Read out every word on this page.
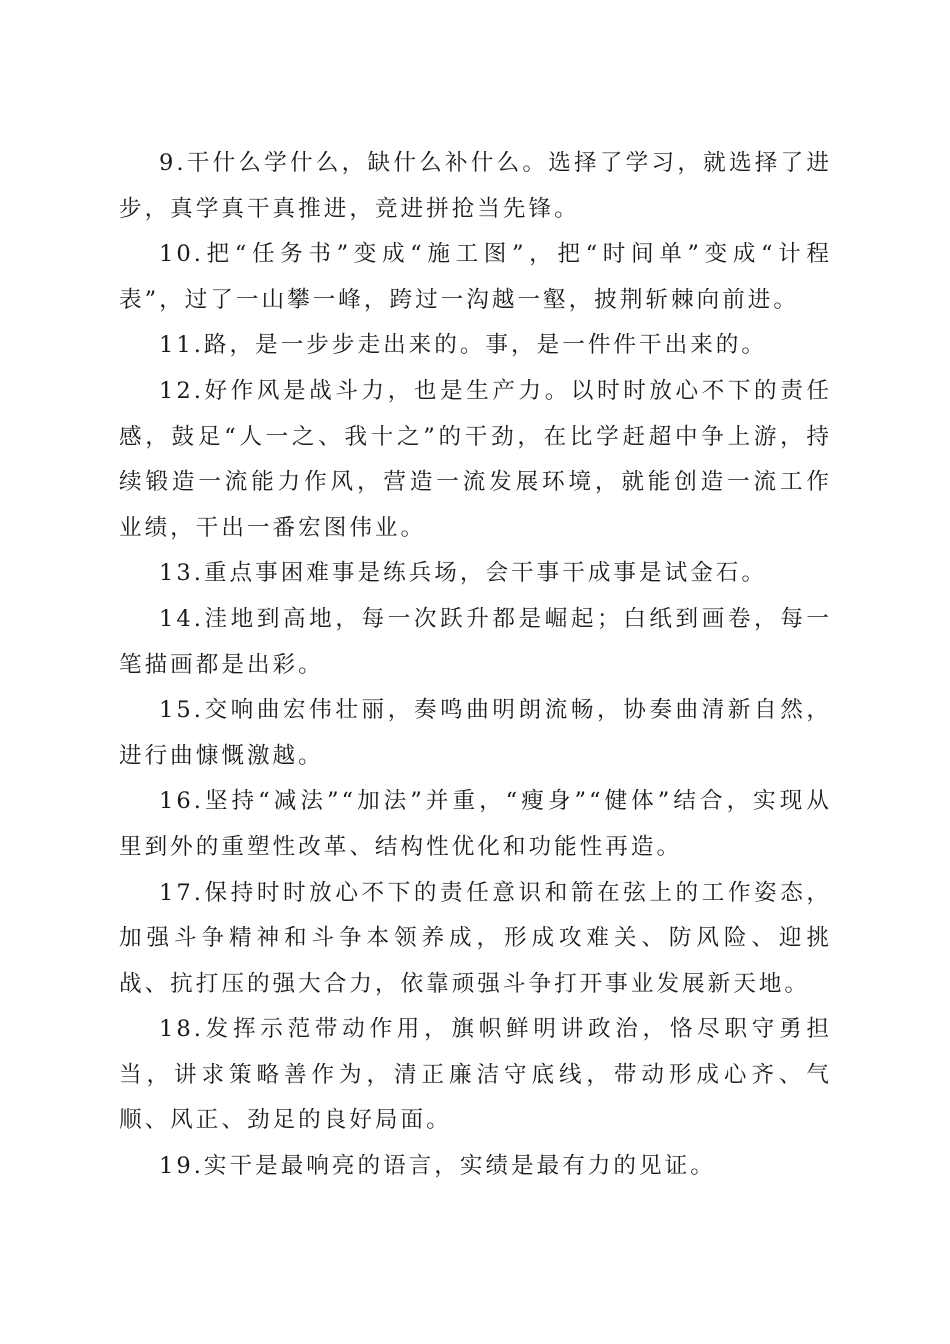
9.干什么学什么，缺什么补什么。选择了学习，就选择了进步，真学真干真推进，竞进拼抢当先锋。

10.把“任务书”变成“施工图”，把“时间单”变成“计程表”，过了一山攀一峰，跨过一沟越一壑，披荆斩棘向前进。

11.路，是一步步走出来的。事，是一件件干出来的。

12.好作风是战斗力，也是生产力。以时时放心不下的责任感，鼓足“人一之、我十之”的干劲，在比学赶超中争上游，持续锻造一流能力作风，营造一流发展环境，就能创造一流工作业绩，干出一番宏图伟业。

13.重点事困难事是练兵场，会干事干成事是试金石。

14.洼地到高地，每一次跃升都是崛起；白纸到画卷，每一笔描画都是出彩。

15.交响曲宏伟壮丽，奏鸣曲明朗流畅，协奏曲清新自然，进行曲慷慨激越。

16.坚持“减法”“加法”并重，“瘦身”“健体”结合，实现从里到外的重塑性改革、结构性优化和功能性再造。

17.保持时时放心不下的责任意识和箭在弦上的工作姿态，加强斗争精神和斗争本领养成，形成攻难关、防风险、迎挑战、抗打压的强大合力，依靠顽强斗争打开事业发展新天地。

18.发挥示范带动作用，旗帜鲜明讲政治，恪尽职守勇担当，讲求策略善作为，清正廉洁守底线，带动形成心齐、气顺、风正、劲足的良好局面。

19.实干是最响亮的语言，实绩是最有力的见证。
